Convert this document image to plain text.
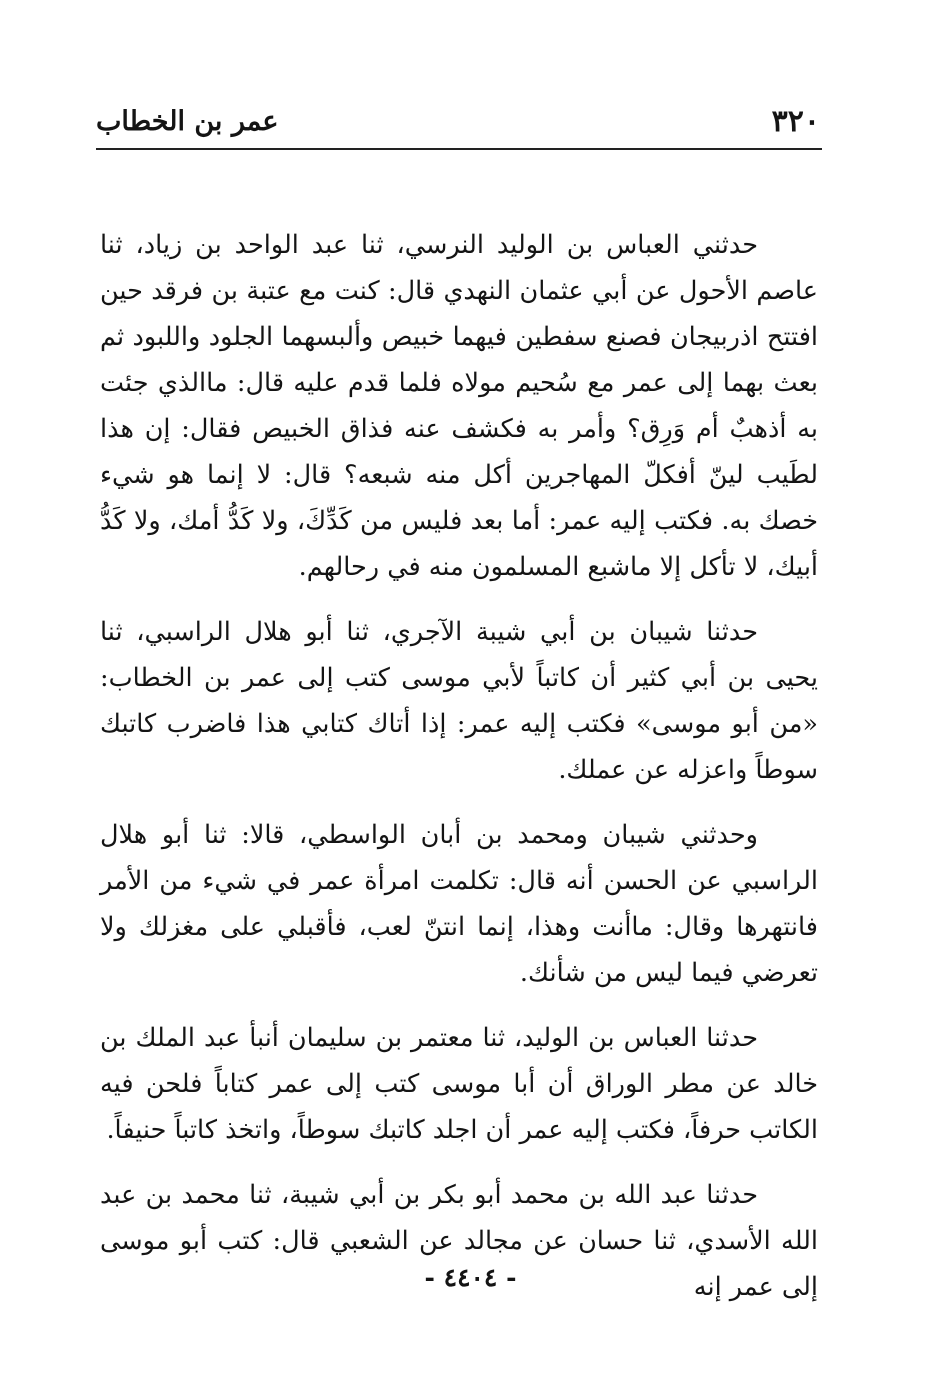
٣٢٠
عمر بن الخطاب

حدثني العباس بن الوليد النرسي، ثنا عبد الواحد بن زياد، ثنا عاصم الأحول عن أبي عثمان النهدي قال: كنت مع عتبة بن فرقد حين افتتح اذربيجان فصنع سفطين فيهما خبيص وألبسهما الجلود واللبود ثم بعث بهما إلى عمر مع سُحيم مولاه فلما قدم عليه قال: ماالذي جئت به أذهبٌ أم وَرِق؟ وأمر به فكشف عنه فذاق الخبيص فقال: إن هذا لطَيب لينّ أفكلّ المهاجرين أكل منه شبعه؟ قال: لا إنما هو شيء خصك به. فكتب إليه عمر: أما بعد فليس من كَدِّكَ، ولا كَدُّ أمك، ولا كَدُّ أبيك، لا تأكل إلا ماشبع المسلمون منه في رحالهم.

حدثنا شيبان بن أبي شيبة الآجري، ثنا أبو هلال الراسبي، ثنا يحيى بن أبي كثير أن كاتباً لأبي موسى كتب إلى عمر بن الخطاب: «من أبو موسى» فكتب إليه عمر: إذا أتاك كتابي هذا فاضرب كاتبك سوطاً واعزله عن عملك.

وحدثني شيبان ومحمد بن أبان الواسطي، قالا: ثنا أبو هلال الراسبي عن الحسن أنه قال: تكلمت امرأة عمر في شيء من الأمر فانتهرها وقال: ماأنت وهذا، إنما انتنّ لعب، فأقبلي على مغزلك ولا تعرضي فيما ليس من شأنك.

حدثنا العباس بن الوليد، ثنا معتمر بن سليمان أنبأ عبد الملك بن خالد عن مطر الوراق أن أبا موسى كتب إلى عمر كتاباً فلحن فيه الكاتب حرفاً، فكتب إليه عمر أن اجلد كاتبك سوطاً، واتخذ كاتباً حنيفاً.

حدثنا عبد الله بن محمد أبو بكر بن أبي شيبة، ثنا محمد بن عبد الله الأسدي، ثنا حسان عن مجالد عن الشعبي قال: كتب أبو موسى إلى عمر إنه

- ٤٤٠٤ -
